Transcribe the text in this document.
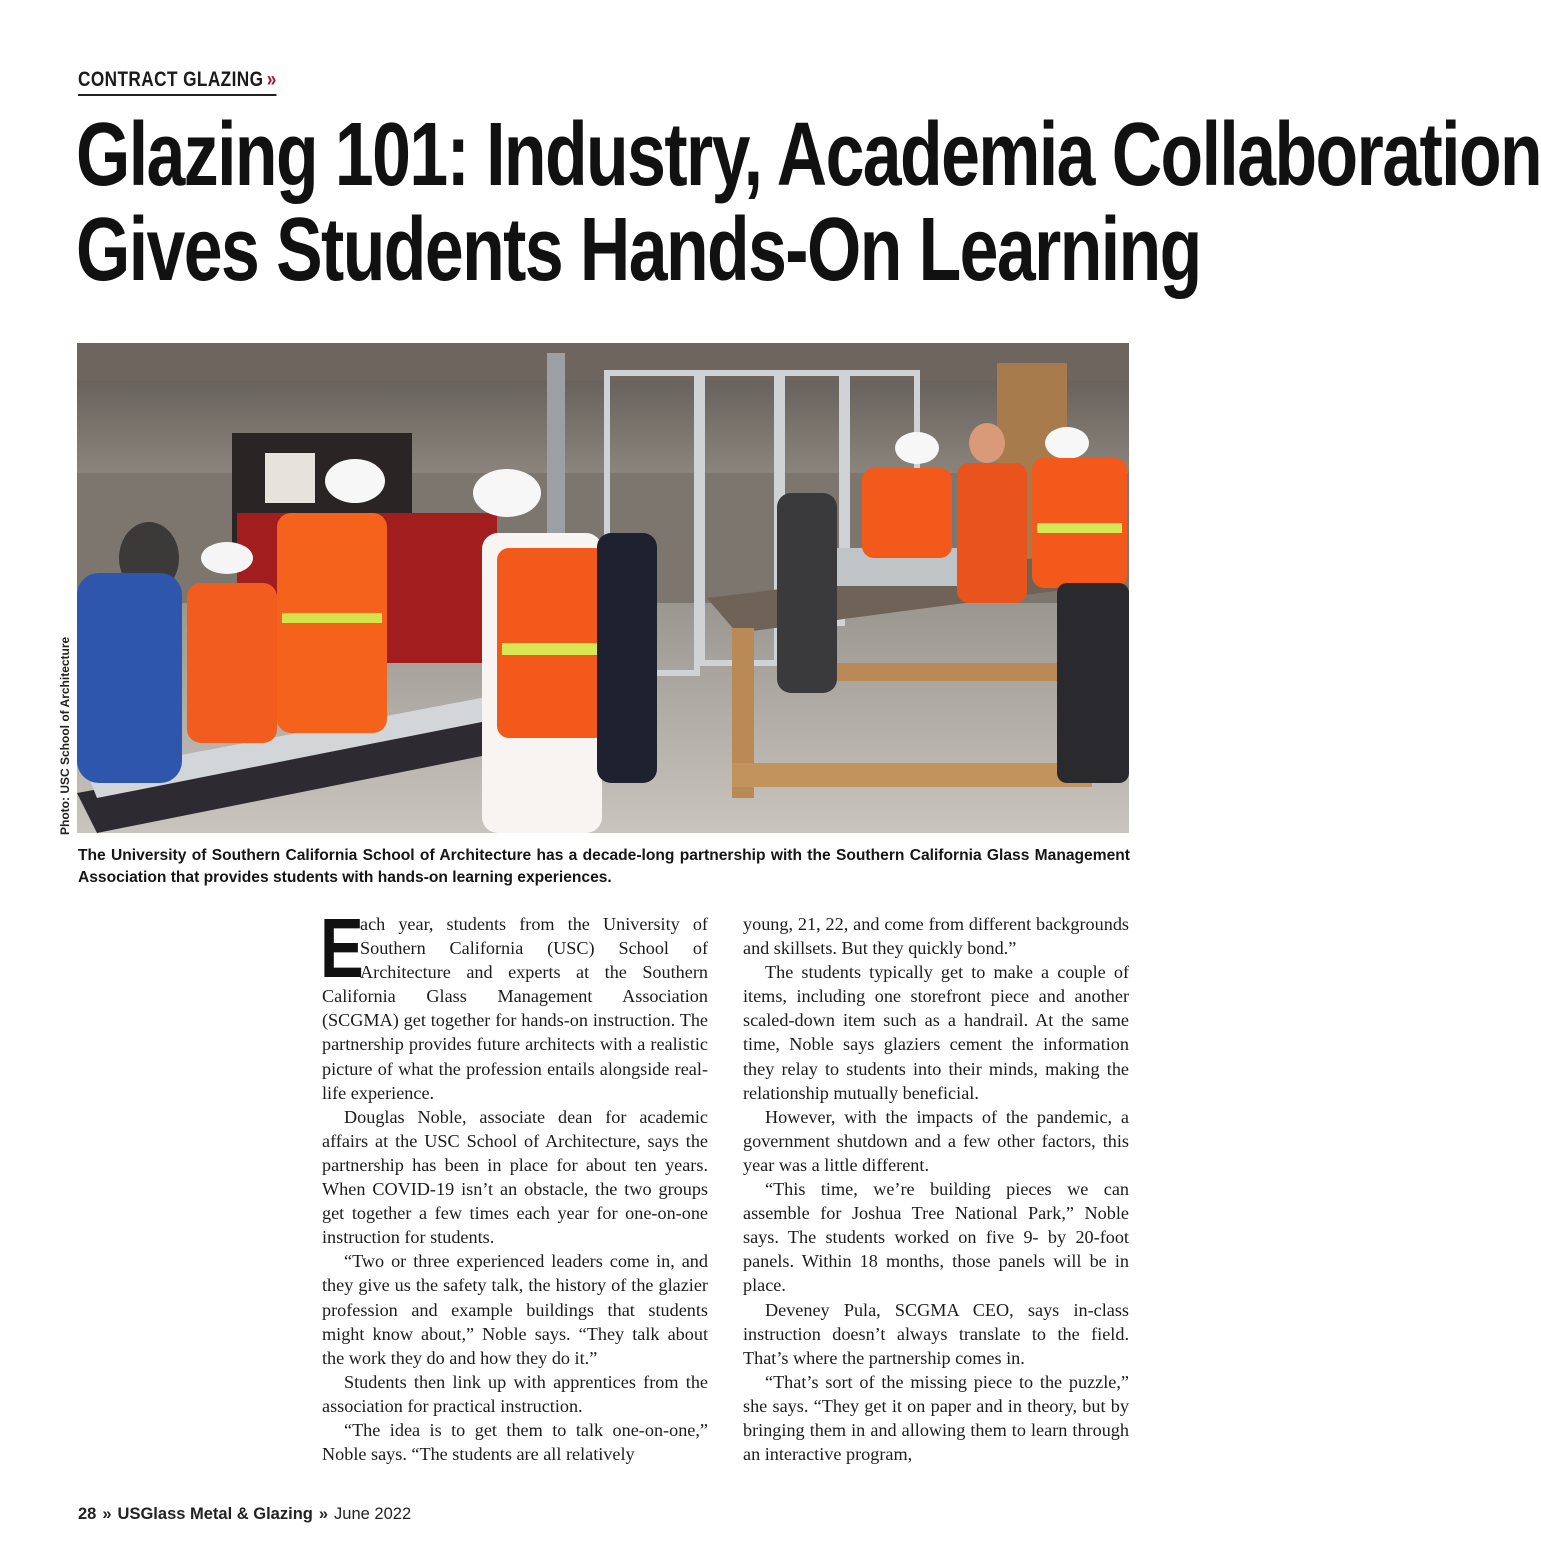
CONTRACT GLAZING »
Glazing 101: Industry, Academia Collaboration
Gives Students Hands-On Learning
Photo: USC School of Architecture
The University of Southern California School of Architecture has a decade-long partnership with the Southern California Glass Management Association that provides students with hands-on learning experiences.

E
ach year, students from the University of Southern California (USC) School of Architecture and experts at the Southern California Glass Management Association (SCGMA) get together for hands-on instruction. The partnership provides future architects with a realistic picture of what the profession entails alongside real-life experience.

Douglas Noble, associate dean for academic affairs at the USC School of Architecture, says the partnership has been in place for about ten years. When COVID-19 isn’t an obstacle, the two groups get together a few times each year for one-on-one instruction for students.

“Two or three experienced leaders come in, and they give us the safety talk, the history of the glazier profession and example buildings that students might know about,” Noble says. “They talk about the work they do and how they do it.”

Students then link up with apprentices from the association for practical instruction.

“The idea is to get them to talk one-on-one,” Noble says. “The students are all relatively

young, 21, 22, and come from different backgrounds and skillsets. But they quickly bond.”

The students typically get to make a couple of items, including one storefront piece and another scaled-down item such as a handrail. At the same time, Noble says glaziers cement the information they relay to students into their minds, making the relationship mutually beneficial.

However, with the impacts of the pandemic, a government shutdown and a few other factors, this year was a little different.

“This time, we’re building pieces we can assemble for Joshua Tree National Park,” Noble says. The students worked on five 9- by 20-foot panels. Within 18 months, those panels will be in place.

Deveney Pula, SCGMA CEO, says in-class instruction doesn’t always translate to the field. That’s where the partnership comes in.

“That’s sort of the missing piece to the puzzle,” she says. “They get it on paper and in theory, but by bringing them in and allowing them to learn through an interactive program,

28 » USGlass Metal & Glazing » June 2022
